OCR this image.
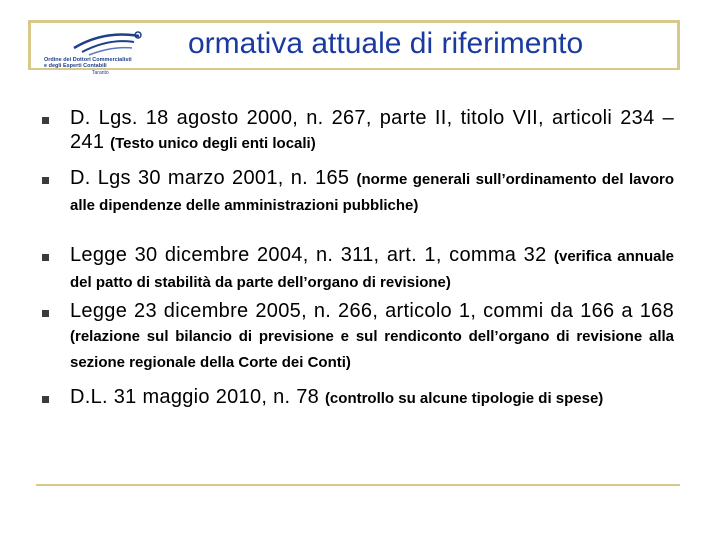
Ordine dei Dottori Commercialisti
e degli Esperti Contabili
Taranto
ormativa attuale di riferimento
D. Lgs. 18 agosto 2000, n. 267, parte II, titolo VII, articoli 234 – 241 (Testo unico degli enti locali)
D. Lgs 30 marzo 2001, n. 165 (norme generali sull’ordinamento del lavoro alle dipendenze delle amministrazioni pubbliche)
Legge 30 dicembre 2004, n. 311, art. 1, comma 32 (verifica annuale del patto di stabilità da parte dell’organo di revisione)
Legge 23 dicembre 2005, n. 266, articolo 1, commi da 166 a 168 (relazione sul bilancio di previsione e sul rendiconto dell’organo di revisione alla sezione regionale della Corte dei Conti)
D.L. 31 maggio 2010, n. 78 (controllo su alcune tipologie di spese)
